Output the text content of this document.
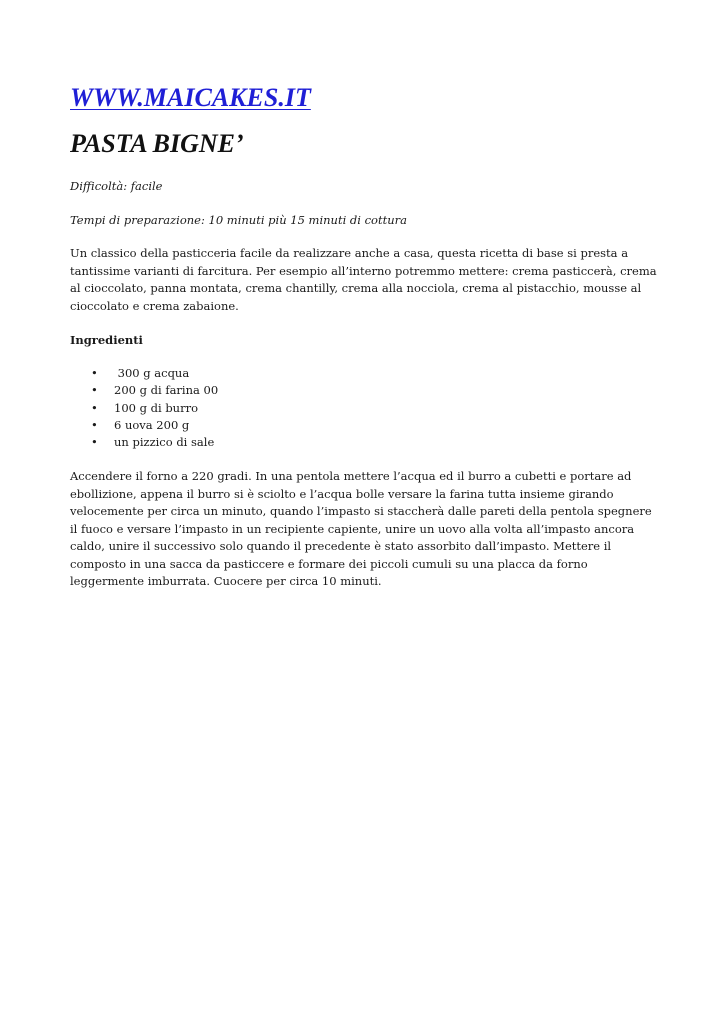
WWW.MAICAKES.IT
PASTA BIGNE’

Difficoltà: facile

Tempi di preparazione: 10 minuti più 15 minuti di cottura

Un classico della pasticceria facile da realizzare anche a casa, questa ricetta di base si presta a tantissime varianti di farcitura. Per esempio all’interno potremmo mettere: crema pasticcerà, crema al cioccolato, panna montata, crema chantilly, crema alla nocciola, crema al pistacchio, mousse al cioccolato e crema zabaione.

Ingredienti

• 300 g acqua
• 200 g di farina 00
• 100 g di burro
• 6 uova 200 g
• un pizzico di sale

Accendere il forno a 220 gradi. In una pentola mettere l’acqua ed il burro a cubetti e portare ad ebollizione, appena il burro si è sciolto e l’acqua bolle versare la farina tutta insieme girando velocemente per circa un minuto, quando l’impasto si staccherà dalle pareti della pentola spegnere il fuoco e versare l’impasto in un recipiente capiente, unire un uovo alla volta all’impasto ancora caldo, unire il successivo solo quando il precedente è stato assorbito dall’impasto. Mettere il composto in una sacca da pasticcere e formare dei piccoli cumuli su una placca da forno leggermente imburrata. Cuocere per circa 10 minuti.
